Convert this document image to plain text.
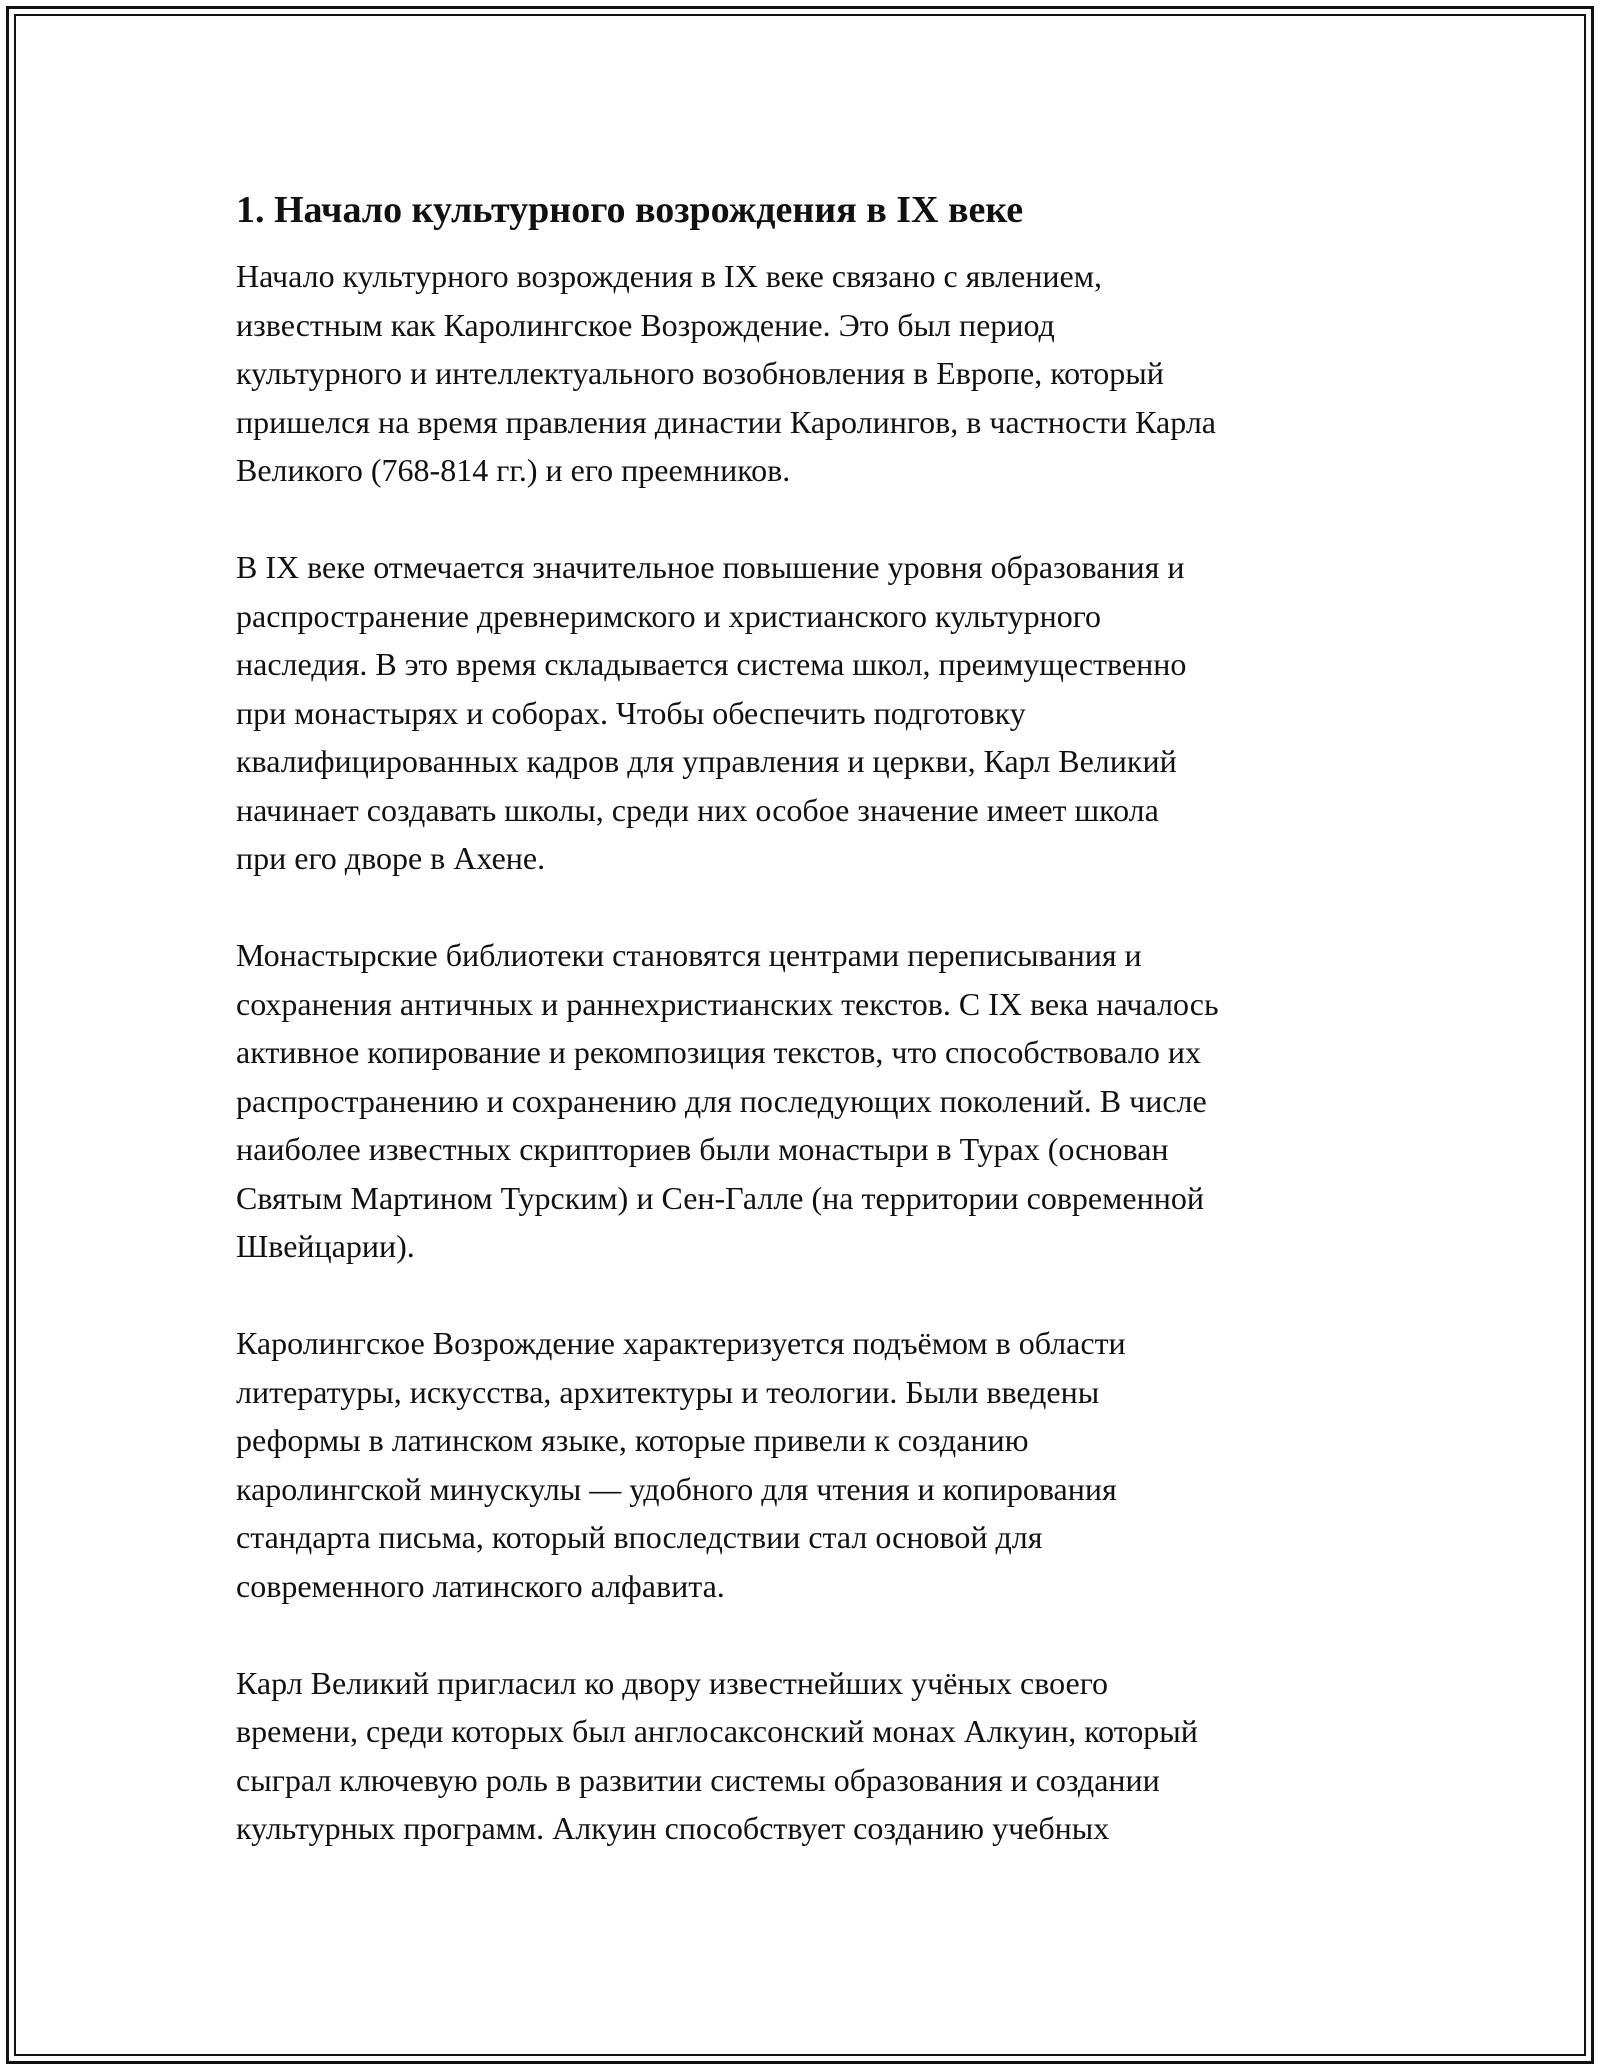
1. Начало культурного возрождения в IX веке

Начало культурного возрождения в IX веке связано с явлением,
известным как Каролингское Возрождение. Это был период
культурного и интеллектуального возобновления в Европе, который
пришелся на время правления династии Каролингов, в частности Карла
Великого (768-814 гг.) и его преемников.

В IX веке отмечается значительное повышение уровня образования и
распространение древнеримского и христианского культурного
наследия. В это время складывается система школ, преимущественно
при монастырях и соборах. Чтобы обеспечить подготовку
квалифицированных кадров для управления и церкви, Карл Великий
начинает создавать школы, среди них особое значение имеет школа
при его дворе в Ахене.

Монастырские библиотеки становятся центрами переписывания и
сохранения античных и раннехристианских текстов. С IX века началось
активное копирование и рекомпозиция текстов, что способствовало их
распространению и сохранению для последующих поколений. В числе
наиболее известных скрипториев были монастыри в Турах (основан
Святым Мартином Турским) и Сен-Галле (на территории современной
Швейцарии).

Каролингское Возрождение характеризуется подъёмом в области
литературы, искусства, архитектуры и теологии. Были введены
реформы в латинском языке, которые привели к созданию
каролингской минускулы — удобного для чтения и копирования
стандарта письма, который впоследствии стал основой для
современного латинского алфавита.

Карл Великий пригласил ко двору известнейших учёных своего
времени, среди которых был англосаксонский монах Алкуин, который
сыграл ключевую роль в развитии системы образования и создании
культурных программ. Алкуин способствует созданию учебных
